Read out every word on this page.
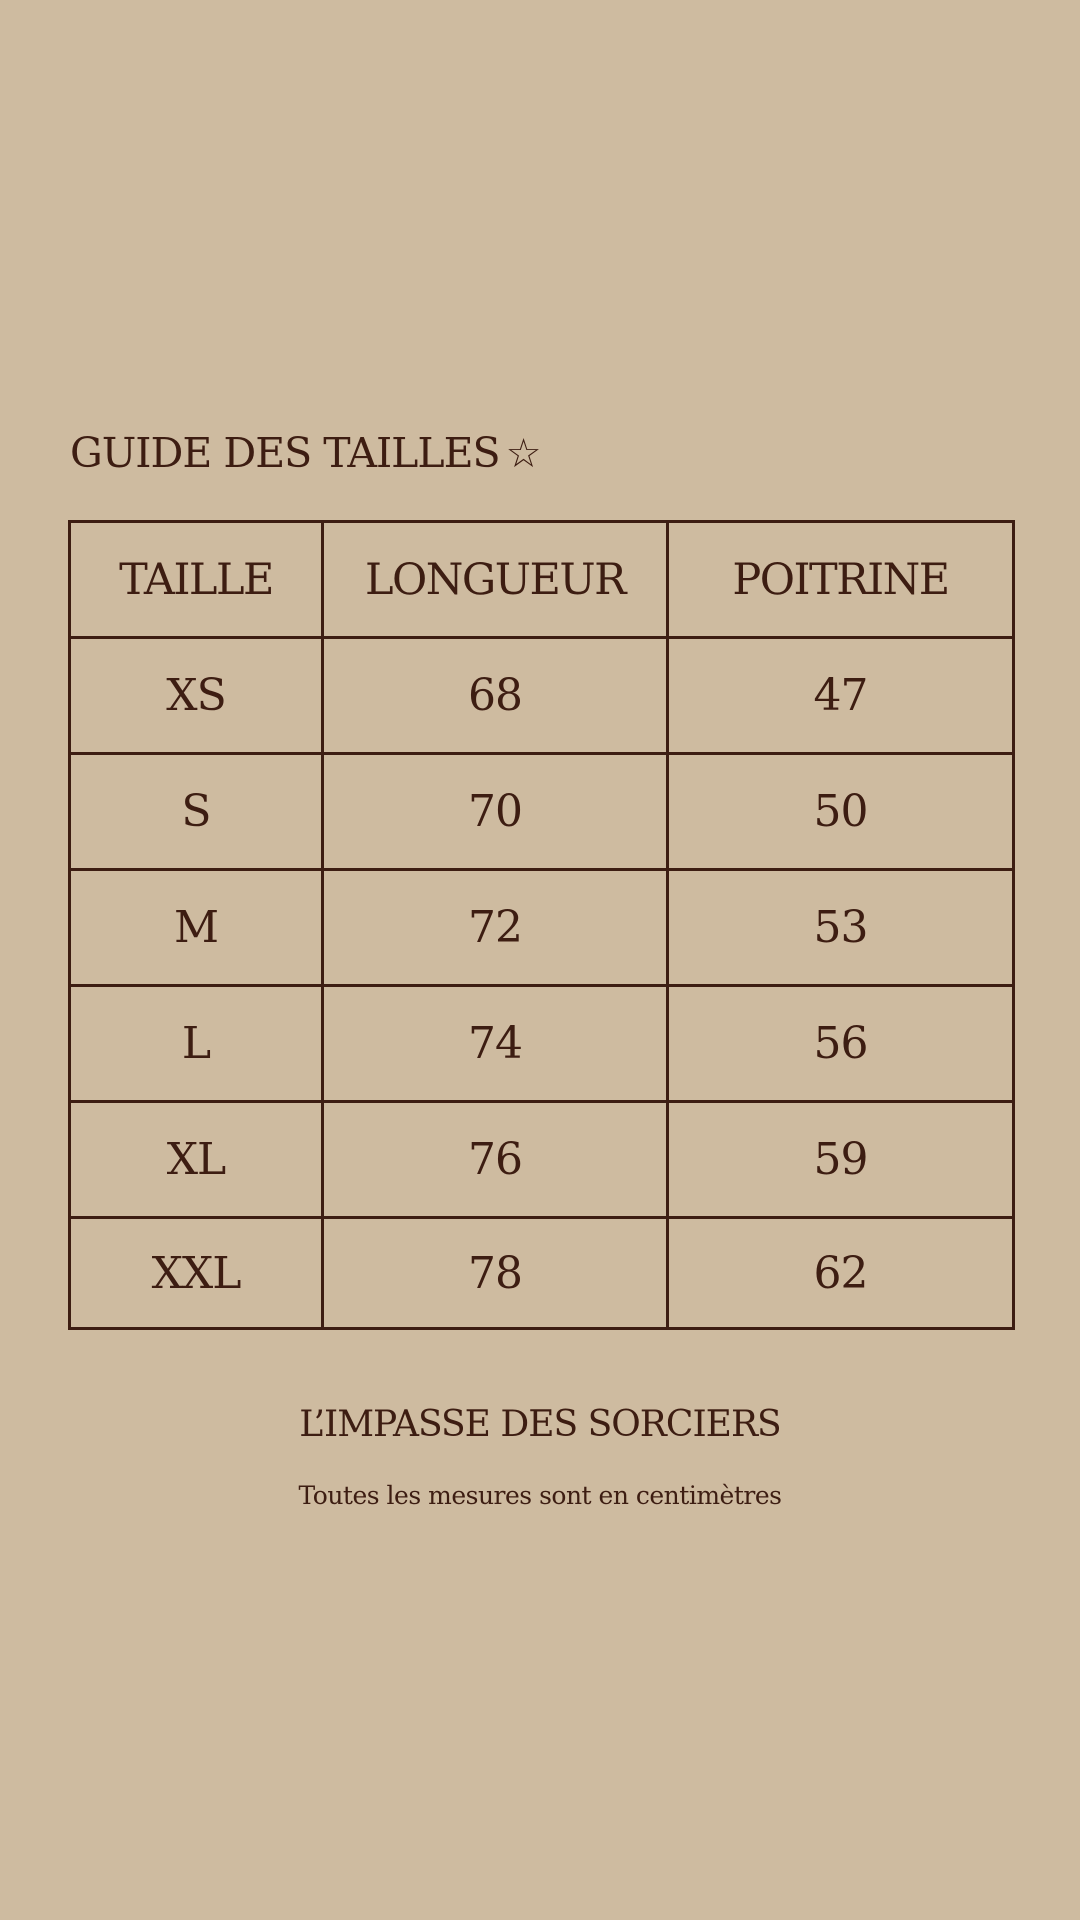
GUIDE DES TAILLES ☆
TAILLE	LONGUEUR	POITRINE
XS	68	47
S	70	50
M	72	53
L	74	56
XL	76	59
XXL	78	62
L’IMPASSE DES SORCIERS
Toutes les mesures sont en centimètres
